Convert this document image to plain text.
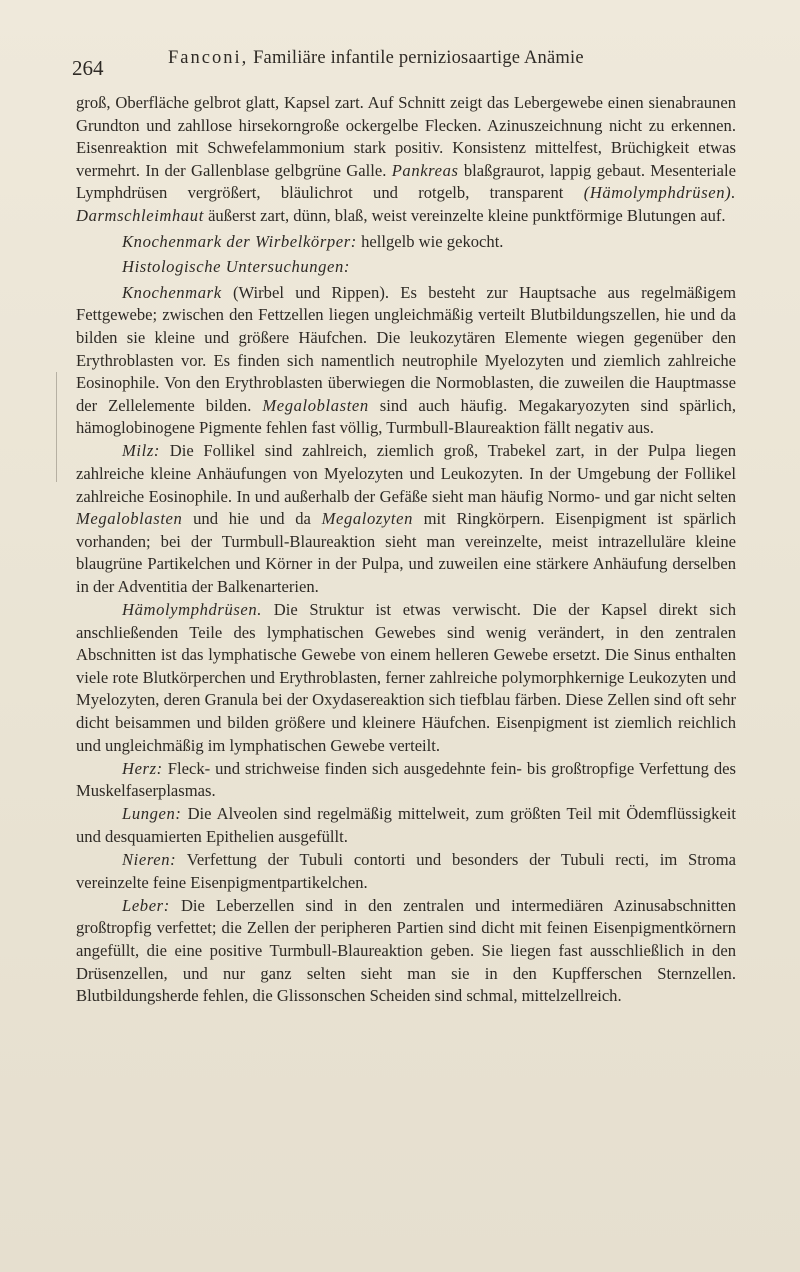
264	Fanconi, Familiäre infantile perniziosaartige Anämie

groß, Oberfläche gelbrot glatt, Kapsel zart. Auf Schnitt zeigt das Lebergewebe einen sienabraunen Grundton und zahllose hirsekorngroße ockergelbe Flecken. Azinuszeichnung nicht zu erkennen. Eisenreaktion mit Schwefelammonium stark positiv. Konsistenz mittelfest, Brüchigkeit etwas vermehrt. In der Gallenblase gelbgrüne Galle. Pankreas blaßgraurot, lappig gebaut. Mesenteriale Lymphdrüsen vergrößert, bläulichrot und rotgelb, transparent (Hämolymphdrüsen). Darmschleimhaut äußerst zart, dünn, blaß, weist vereinzelte kleine punktförmige Blutungen auf.

Knochenmark der Wirbelkörper: hellgelb wie gekocht.

Histologische Untersuchungen:

Knochenmark (Wirbel und Rippen). Es besteht zur Hauptsache aus regelmäßigem Fettgewebe; zwischen den Fettzellen liegen ungleichmäßig verteilt Blutbildungszellen, hie und da bilden sie kleine und größere Häufchen. Die leukozytären Elemente wiegen gegenüber den Erythroblasten vor. Es finden sich namentlich neutrophile Myelozyten und ziemlich zahlreiche Eosinophile. Von den Erythroblasten überwiegen die Normoblasten, die zuweilen die Hauptmasse der Zellelemente bilden. Megaloblasten sind auch häufig. Megakaryozyten sind spärlich, hämoglobinogene Pigmente fehlen fast völlig, Turmbull-Blaureaktion fällt negativ aus.

Milz: Die Follikel sind zahlreich, ziemlich groß, Trabekel zart, in der Pulpa liegen zahlreiche kleine Anhäufungen von Myelozyten und Leukozyten. In der Umgebung der Follikel zahlreiche Eosinophile. In und außerhalb der Gefäße sieht man häufig Normo- und gar nicht selten Megaloblasten und hie und da Megalozyten mit Ringkörpern. Eisenpigment ist spärlich vorhanden; bei der Turmbull-Blaureaktion sieht man vereinzelte, meist intrazelluläre kleine blaugrüne Partikelchen und Körner in der Pulpa, und zuweilen eine stärkere Anhäufung derselben in der Adventitia der Balkenarterien.

Hämolymphdrüsen. Die Struktur ist etwas verwischt. Die der Kapsel direkt sich anschließenden Teile des lymphatischen Gewebes sind wenig verändert, in den zentralen Abschnitten ist das lymphatische Gewebe von einem helleren Gewebe ersetzt. Die Sinus enthalten viele rote Blutkörperchen und Erythroblasten, ferner zahlreiche polymorphkernige Leukozyten und Myelozyten, deren Granula bei der Oxydasereaktion sich tiefblau färben. Diese Zellen sind oft sehr dicht beisammen und bilden größere und kleinere Häufchen. Eisenpigment ist ziemlich reichlich und ungleichmäßig im lymphatischen Gewebe verteilt.

Herz: Fleck- und strichweise finden sich ausgedehnte fein- bis großtropfige Verfettung des Muskelfaserplasmas.

Lungen: Die Alveolen sind regelmäßig mittelweit, zum größten Teil mit Ödemflüssigkeit und desquamierten Epithelien ausgefüllt.

Nieren: Verfettung der Tubuli contorti und besonders der Tubuli recti, im Stroma vereinzelte feine Eisenpigmentpartikelchen.

Leber: Die Leberzellen sind in den zentralen und intermediären Azinusabschnitten großtropfig verfettet; die Zellen der peripheren Partien sind dicht mit feinen Eisenpigmentkörnern angefüllt, die eine positive Turmbull-Blaureaktion geben. Sie liegen fast ausschließlich in den Drüsenzellen, und nur ganz selten sieht man sie in den Kupfferschen Sternzellen. Blutbildungsherde fehlen, die Glissonschen Scheiden sind schmal, mittelzellreich.
